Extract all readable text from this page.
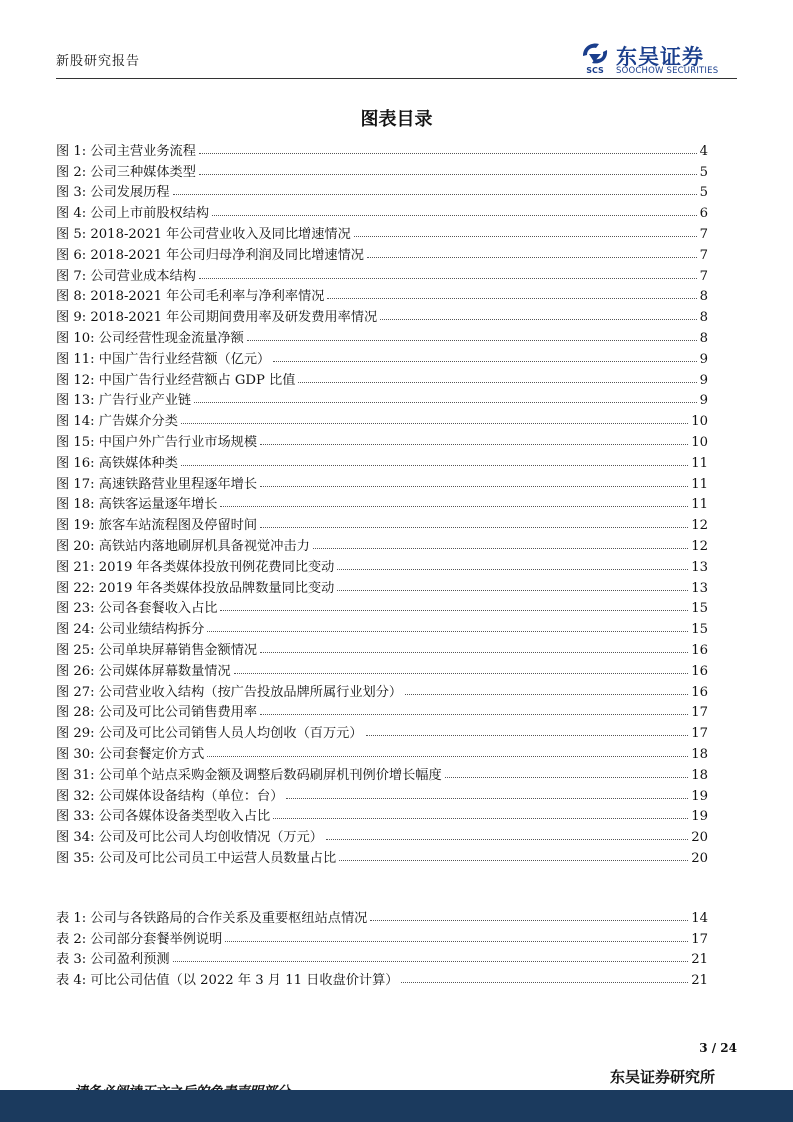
新股研究报告
SCS
东吴证券
SOOCHOW SECURITIES
图表目录
图 1: 公司主营业务流程	4
图 2: 公司三种媒体类型	5
图 3: 公司发展历程	5
图 4: 公司上市前股权结构	6
图 5: 2018-2021 年公司营业收入及同比增速情况	7
图 6: 2018-2021 年公司归母净利润及同比增速情况	7
图 7: 公司营业成本结构	7
图 8: 2018-2021 年公司毛利率与净利率情况	8
图 9: 2018-2021 年公司期间费用率及研发费用率情况	8
图 10: 公司经营性现金流量净额	8
图 11: 中国广告行业经营额（亿元）	9
图 12: 中国广告行业经营额占 GDP 比值	9
图 13: 广告行业产业链	9
图 14: 广告媒介分类	10
图 15: 中国户外广告行业市场规模	10
图 16: 高铁媒体种类	11
图 17: 高速铁路营业里程逐年增长	11
图 18: 高铁客运量逐年增长	11
图 19: 旅客车站流程图及停留时间	12
图 20: 高铁站内落地刷屏机具备视觉冲击力	12
图 21: 2019 年各类媒体投放刊例花费同比变动	13
图 22: 2019 年各类媒体投放品牌数量同比变动	13
图 23: 公司各套餐收入占比	15
图 24: 公司业绩结构拆分	15
图 25: 公司单块屏幕销售金额情况	16
图 26: 公司媒体屏幕数量情况	16
图 27: 公司营业收入结构（按广告投放品牌所属行业划分）	16
图 28: 公司及可比公司销售费用率	17
图 29: 公司及可比公司销售人员人均创收（百万元）	17
图 30: 公司套餐定价方式	18
图 31: 公司单个站点采购金额及调整后数码刷屏机刊例价增长幅度	18
图 32: 公司媒体设备结构（单位：台）	19
图 33: 公司各媒体设备类型收入占比	19
图 34: 公司及可比公司人均创收情况（万元）	20
图 35: 公司及可比公司员工中运营人员数量占比	20
表 1: 公司与各铁路局的合作关系及重要枢纽站点情况	14
表 2: 公司部分套餐举例说明	17
表 3: 公司盈利预测	21
表 4: 可比公司估值（以 2022 年 3 月 11 日收盘价计算）	21
3 / 24
东吴证券研究所
